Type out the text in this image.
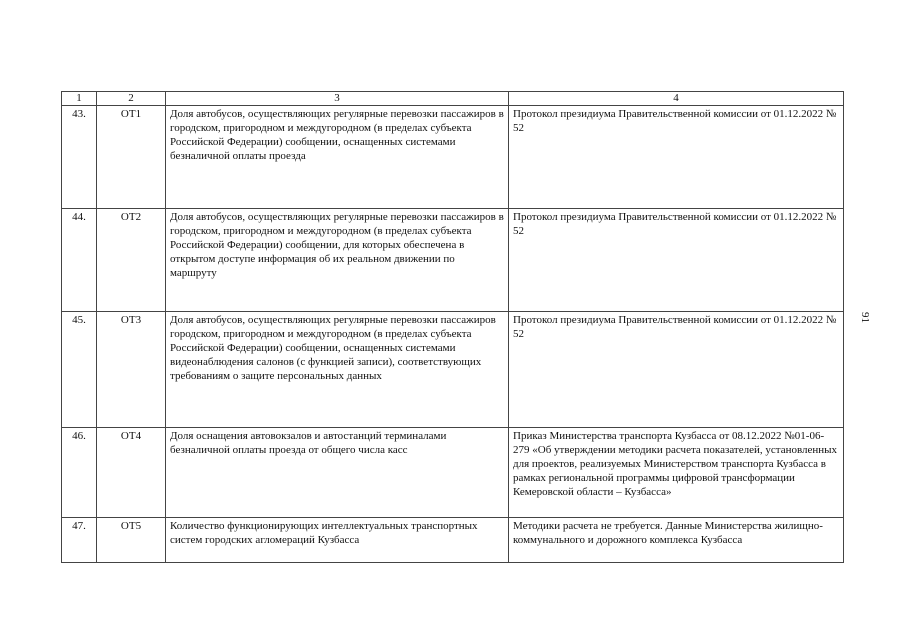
1	2	3	4
43.	ОТ1	Доля автобусов, осуществляющих регулярные перевозки пассажиров в городском, пригородном и междугородном (в пределах субъекта Российской Федерации) сообщении, оснащенных системами безналичной оплаты проезда	Протокол президиума Правительственной комиссии от 01.12.2022 № 52
44.	ОТ2	Доля автобусов, осуществляющих регулярные перевозки пассажиров в городском, пригородном и междугородном (в пределах субъекта Российской Федерации) сообщении, для которых обеспечена в открытом доступе информация об их реальном движении по маршруту	Протокол президиума Правительственной комиссии от 01.12.2022 № 52
45.	ОТ3	Доля автобусов, осуществляющих регулярные перевозки пассажиров городском, пригородном и междугородном (в пределах субъекта Российской Федерации) сообщении, оснащенных системами видеонаблюдения салонов (с функцией записи), соответствующих требованиям о защите персональных данных	Протокол президиума Правительственной комиссии от 01.12.2022 № 52
46.	ОТ4	Доля оснащения автовокзалов и автостанций терминалами безналичной оплаты проезда от общего числа касс	Приказ Министерства транспорта Кузбасса от 08.12.2022 №01-06-279 «Об утверждении методики расчета показателей, установленных для проектов, реализуемых Министерством транспорта Кузбасса в рамках региональной программы цифровой трансформации Кемеровской области – Кузбасса»
47.	ОТ5	Количество функционирующих интеллектуальных транспортных систем городских агломераций Кузбасса	Методики расчета не требуется. Данные Министерства жилищно-коммунального и дорожного комплекса Кузбасса
91
